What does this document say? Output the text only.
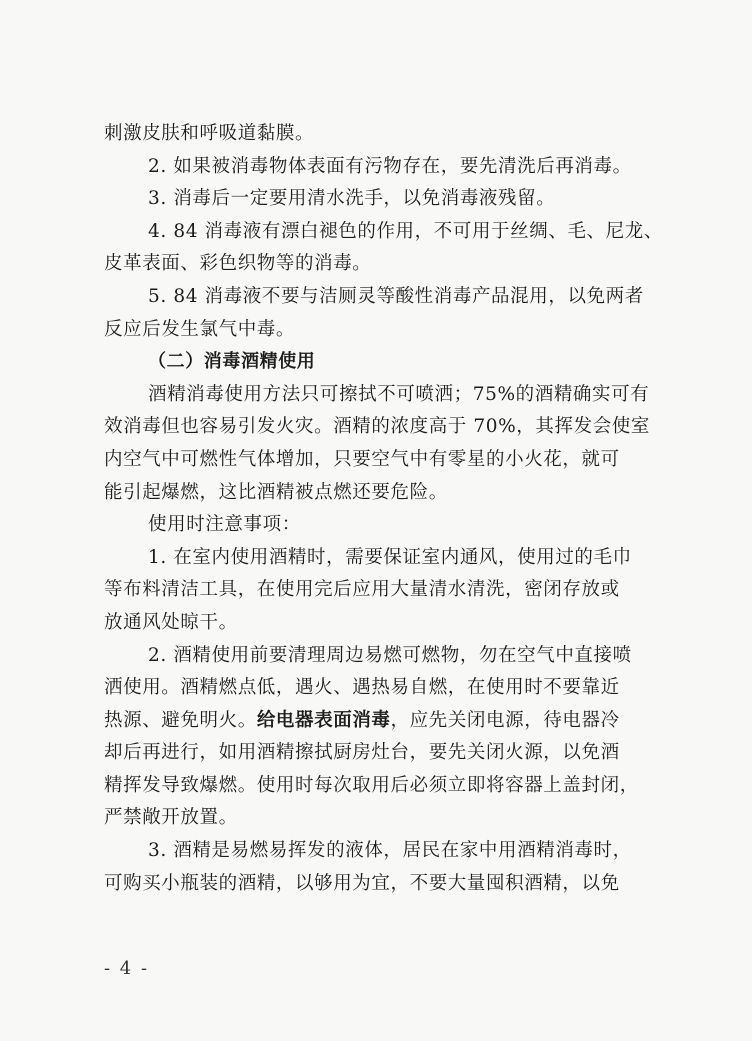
刺激皮肤和呼吸道黏膜。
2. 如果被消毒物体表面有污物存在，要先清洗后再消毒。
3. 消毒后一定要用清水洗手，以免消毒液残留。
4. 84 消毒液有漂白褪色的作用，不可用于丝绸、毛、尼龙、
皮革表面、彩色织物等的消毒。
5. 84 消毒液不要与洁厕灵等酸性消毒产品混用，以免两者
反应后发生氯气中毒。
（二）消毒酒精使用
酒精消毒使用方法只可擦拭不可喷洒；75%的酒精确实可有
效消毒但也容易引发火灾。酒精的浓度高于 70%，其挥发会使室
内空气中可燃性气体增加，只要空气中有零星的小火花，就可
能引起爆燃，这比酒精被点燃还要危险。
使用时注意事项：
1. 在室内使用酒精时，需要保证室内通风，使用过的毛巾
等布料清洁工具，在使用完后应用大量清水清洗，密闭存放或
放通风处晾干。
2. 酒精使用前要清理周边易燃可燃物，勿在空气中直接喷
洒使用。酒精燃点低，遇火、遇热易自燃，在使用时不要靠近
热源、避免明火。给电器表面消毒，应先关闭电源，待电器冷
却后再进行，如用酒精擦拭厨房灶台，要先关闭火源，以免酒
精挥发导致爆燃。使用时每次取用后必须立即将容器上盖封闭，
严禁敞开放置。
3. 酒精是易燃易挥发的液体，居民在家中用酒精消毒时，
可购买小瓶装的酒精，以够用为宜，不要大量囤积酒精，以免
- 4 -
